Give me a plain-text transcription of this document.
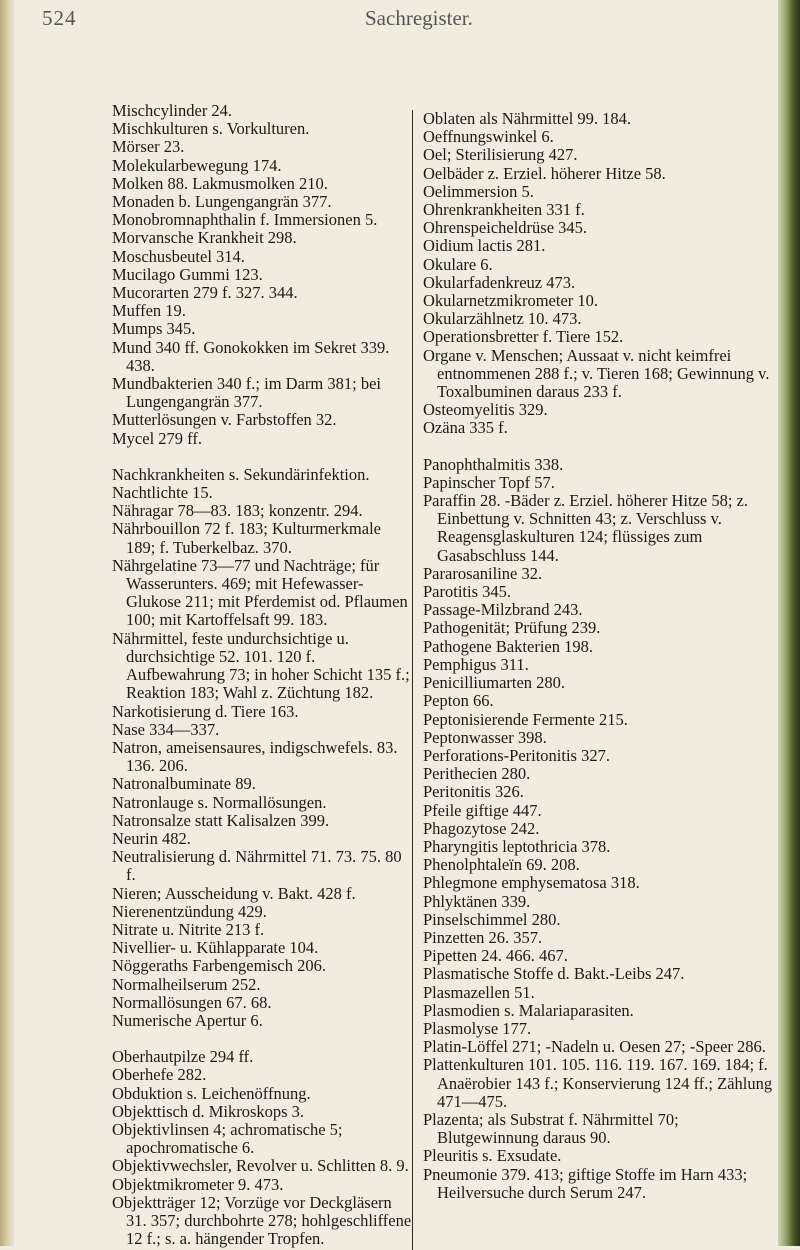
524	Sachregister.

Mischcylinder 24.

Mischkulturen s. Vorkulturen.

Mörser 23.

Molekularbewegung 174.

Molken 88. Lakmusmolken 210.

Monaden b. Lungengangrän 377.

Monobromnaphthalin f. Immersionen 5.

Morvansche Krankheit 298.

Moschusbeutel 314.

Mucilago Gummi 123.

Mucorarten 279 f. 327. 344.

Muffen 19.

Mumps 345.

Mund 340 ff. Gonokokken im Sekret 339. 438.

Mundbakterien 340 f.; im Darm 381; bei Lungengangrän 377.

Mutterlösungen v. Farbstoffen 32.

Mycel 279 ff.

Nachkrankheiten s. Sekundärinfektion.

Nachtlichte 15.

Nähragar 78—83. 183; konzentr. 294.

Nährbouillon 72 f. 183; Kulturmerkmale 189; f. Tuberkelbaz. 370.

Nährgelatine 73—77 und Nachträge; für Wasserunters. 469; mit Hefewasser-Glukose 211; mit Pferdemist od. Pflaumen 100; mit Kartoffelsaft 99. 183.

Nährmittel, feste undurchsichtige u. durchsichtige 52. 101. 120 f. Aufbewahrung 73; in hoher Schicht 135 f.; Reaktion 183; Wahl z. Züchtung 182.

Narkotisierung d. Tiere 163.

Nase 334—337.

Natron, ameisensaures, indigschwefels. 83. 136. 206.

Natronalbuminate 89.

Natronlauge s. Normallösungen.

Natronsalze statt Kalisalzen 399.

Neurin 482.

Neutralisierung d. Nährmittel 71. 73. 75. 80 f.

Nieren; Ausscheidung v. Bakt. 428 f.

Nierenentzündung 429.

Nitrate u. Nitrite 213 f.

Nivellier- u. Kühlapparate 104.

Nöggeraths Farbengemisch 206.

Normalheilserum 252.

Normallösungen 67. 68.

Numerische Apertur 6.

Oberhautpilze 294 ff.

Oberhefe 282.

Obduktion s. Leichenöffnung.

Objekttisch d. Mikroskops 3.

Objektivlinsen 4; achromatische 5; apochromatische 6.

Objektivwechsler, Revolver u. Schlitten 8. 9.

Objektmikrometer 9. 473.

Objektträger 12; Vorzüge vor Deckgläsern 31. 357; durchbohrte 278; hohlgeschliffene 12 f.; s. a. hängender Tropfen.

Oblaten als Nährmittel 99. 184.

Oeffnungswinkel 6.

Oel; Sterilisierung 427.

Oelbäder z. Erziel. höherer Hitze 58.

Oelimmersion 5.

Ohrenkrankheiten 331 f.

Ohrenspeicheldrüse 345.

Oidium lactis 281.

Okulare 6.

Okularfadenkreuz 473.

Okularnetzmikrometer 10.

Okularzählnetz 10. 473.

Operationsbretter f. Tiere 152.

Organe v. Menschen; Aussaat v. nicht keimfrei entnommenen 288 f.; v. Tieren 168; Gewinnung v. Toxalbuminen daraus 233 f.

Osteomyelitis 329.

Ozäna 335 f.

Panophthalmitis 338.

Papinscher Topf 57.

Paraffin 28. -Bäder z. Erziel. höherer Hitze 58; z. Einbettung v. Schnitten 43; z. Verschluss v. Reagensglaskulturen 124; flüssiges zum Gasabschluss 144.

Pararosaniline 32.

Parotitis 345.

Passage-Milzbrand 243.

Pathogenität; Prüfung 239.

Pathogene Bakterien 198.

Pemphigus 311.

Penicilliumarten 280.

Pepton 66.

Peptonisierende Fermente 215.

Peptonwasser 398.

Perforations-Peritonitis 327.

Perithecien 280.

Peritonitis 326.

Pfeile giftige 447.

Phagozytose 242.

Pharyngitis leptothricia 378.

Phenolphtaleïn 69. 208.

Phlegmone emphysematosa 318.

Phlyktänen 339.

Pinselschimmel 280.

Pinzetten 26. 357.

Pipetten 24. 466. 467.

Plasmatische Stoffe d. Bakt.-Leibs 247.

Plasmazellen 51.

Plasmodien s. Malariaparasiten.

Plasmolyse 177.

Platin-Löffel 271; -Nadeln u. Oesen 27; -Speer 286.

Plattenkulturen 101. 105. 116. 119. 167. 169. 184; f. Anaërobier 143 f.; Konservierung 124 ff.; Zählung 471—475.

Plazenta; als Substrat f. Nährmittel 70; Blutgewinnung daraus 90.

Pleuritis s. Exsudate.

Pneumonie 379. 413; giftige Stoffe im Harn 433; Heilversuche durch Serum 247.
